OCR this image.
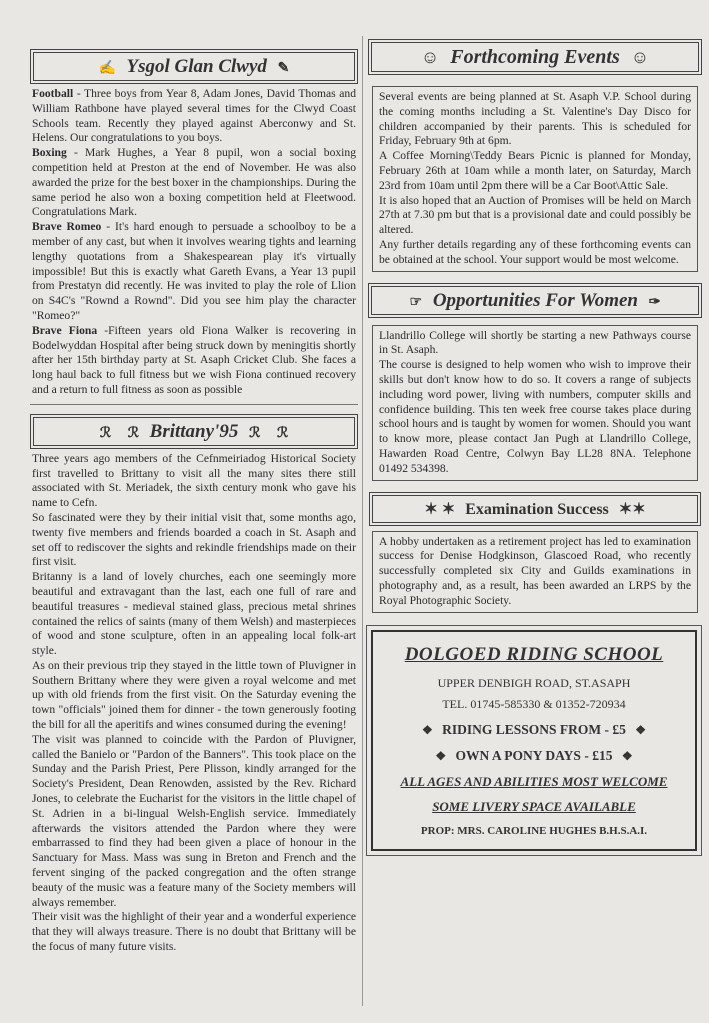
✍ Ysgol Glan Clwyd ✎

Football - Three boys from Year 8, Adam Jones, David Thomas and William Rathbone have played several times for the Clwyd Coast Schools team. Recently they played against Aberconwy and St. Helens. Our congratulations to you boys.

Boxing - Mark Hughes, a Year 8 pupil, won a social boxing competition held at Preston at the end of November. He was also awarded the prize for the best boxer in the championships. During the same period he also won a boxing competition held at Fleetwood. Congratulations Mark.

Brave Romeo - It's hard enough to persuade a schoolboy to be a member of any cast, but when it involves wearing tights and learning lengthy quotations from a Shakespearean play it's virtually impossible! But this is exactly what Gareth Evans, a Year 13 pupil from Prestatyn did recently. He was invited to play the role of Llion on S4C's "Rownd a Rownd". Did you see him play the character "Romeo?"

Brave Fiona -Fifteen years old Fiona Walker is recovering in Bodelwyddan Hospital after being struck down by meningitis shortly after her 15th birthday party at St. Asaph Cricket Club. She faces a long haul back to full fitness but we wish Fiona continued recovery and a return to full fitness as soon as possible

ℛ ℛ Brittany'95 ℛ ℛ

Three years ago members of the Cefnmeiriadog Historical Society first travelled to Brittany to visit all the many sites there still associated with St. Meriadek, the sixth century monk who gave his name to Cefn.

So fascinated were they by their initial visit that, some months ago, twenty five members and friends boarded a coach in St. Asaph and set off to rediscover the sights and rekindle friendships made on their first visit.

Britanny is a land of lovely churches, each one seemingly more beautiful and extravagant than the last, each one full of rare and beautiful treasures - medieval stained glass, precious metal shrines contained the relics of saints (many of them Welsh) and masterpieces of wood and stone sculpture, often in an appealing local folk-art style.

As on their previous trip they stayed in the little town of Pluvigner in Southern Brittany where they were given a royal welcome and met up with old friends from the first visit. On the Saturday evening the town "officials" joined them for dinner - the town generously footing the bill for all the aperitifs and wines consumed during the evening!

The visit was planned to coincide with the Pardon of Pluvigner, called the Banielo or "Pardon of the Banners". This took place on the Sunday and the Parish Priest, Pere Plisson, kindly arranged for the Society's President, Dean Renowden, assisted by the Rev. Richard Jones, to celebrate the Eucharist for the visitors in the little chapel of St. Adrien in a bi-lingual Welsh-English service. Immediately afterwards the visitors attended the Pardon where they were embarrassed to find they had been given a place of honour in the Sanctuary for Mass. Mass was sung in Breton and French and the fervent singing of the packed congregation and the often strange beauty of the music was a feature many of the Society members will always remember.

Their visit was the highlight of their year and a wonderful experience that they will always treasure. There is no doubt that Brittany will be the focus of many future visits.

☺ Forthcoming Events ☺

Several events are being planned at St. Asaph V.P. School during the coming months including a St. Valentine's Day Disco for children accompanied by their parents. This is scheduled for Friday, February 9th at 6pm.

A Coffee Morning\Teddy Bears Picnic is planned for Monday, February 26th at 10am while a month later, on Saturday, March 23rd from 10am until 2pm there will be a Car Boot\Attic Sale.

It is also hoped that an Auction of Promises will be held on March 27th at 7.30 pm but that is a provisional date and could possibly be altered.

Any further details regarding any of these forthcoming events can be obtained at the school. Your support would be most welcome.

☞ Opportunities For Women ✑

Llandrillo College will shortly be starting a new Pathways course in St. Asaph.

The course is designed to help women who wish to improve their skills but don't know how to do so. It covers a range of subjects including word power, living with numbers, computer skills and confidence building. This ten week free course takes place during school hours and is taught by women for women. Should you want to know more, please contact Jan Pugh at Llandrillo College, Hawarden Road Centre, Colwyn Bay LL28 8NA. Telephone 01492 534398.

✶ ✶ Examination Success ✶✶

A hobby undertaken as a retirement project has led to examination success for Denise Hodgkinson, Glascoed Road, who recently successfully completed six City and Guilds examinations in photography and, as a result, has been awarded an LRPS by the Royal Photographic Society.

DOLGOED RIDING SCHOOL
UPPER DENBIGH ROAD, ST.ASAPH
TEL. 01745-585330 & 01352-720934
❖ RIDING LESSONS FROM - £5 ❖
❖ OWN A PONY DAYS - £15 ❖
ALL AGES AND ABILITIES MOST WELCOME
SOME LIVERY SPACE AVAILABLE
PROP: MRS. CAROLINE HUGHES B.H.S.A.I.
